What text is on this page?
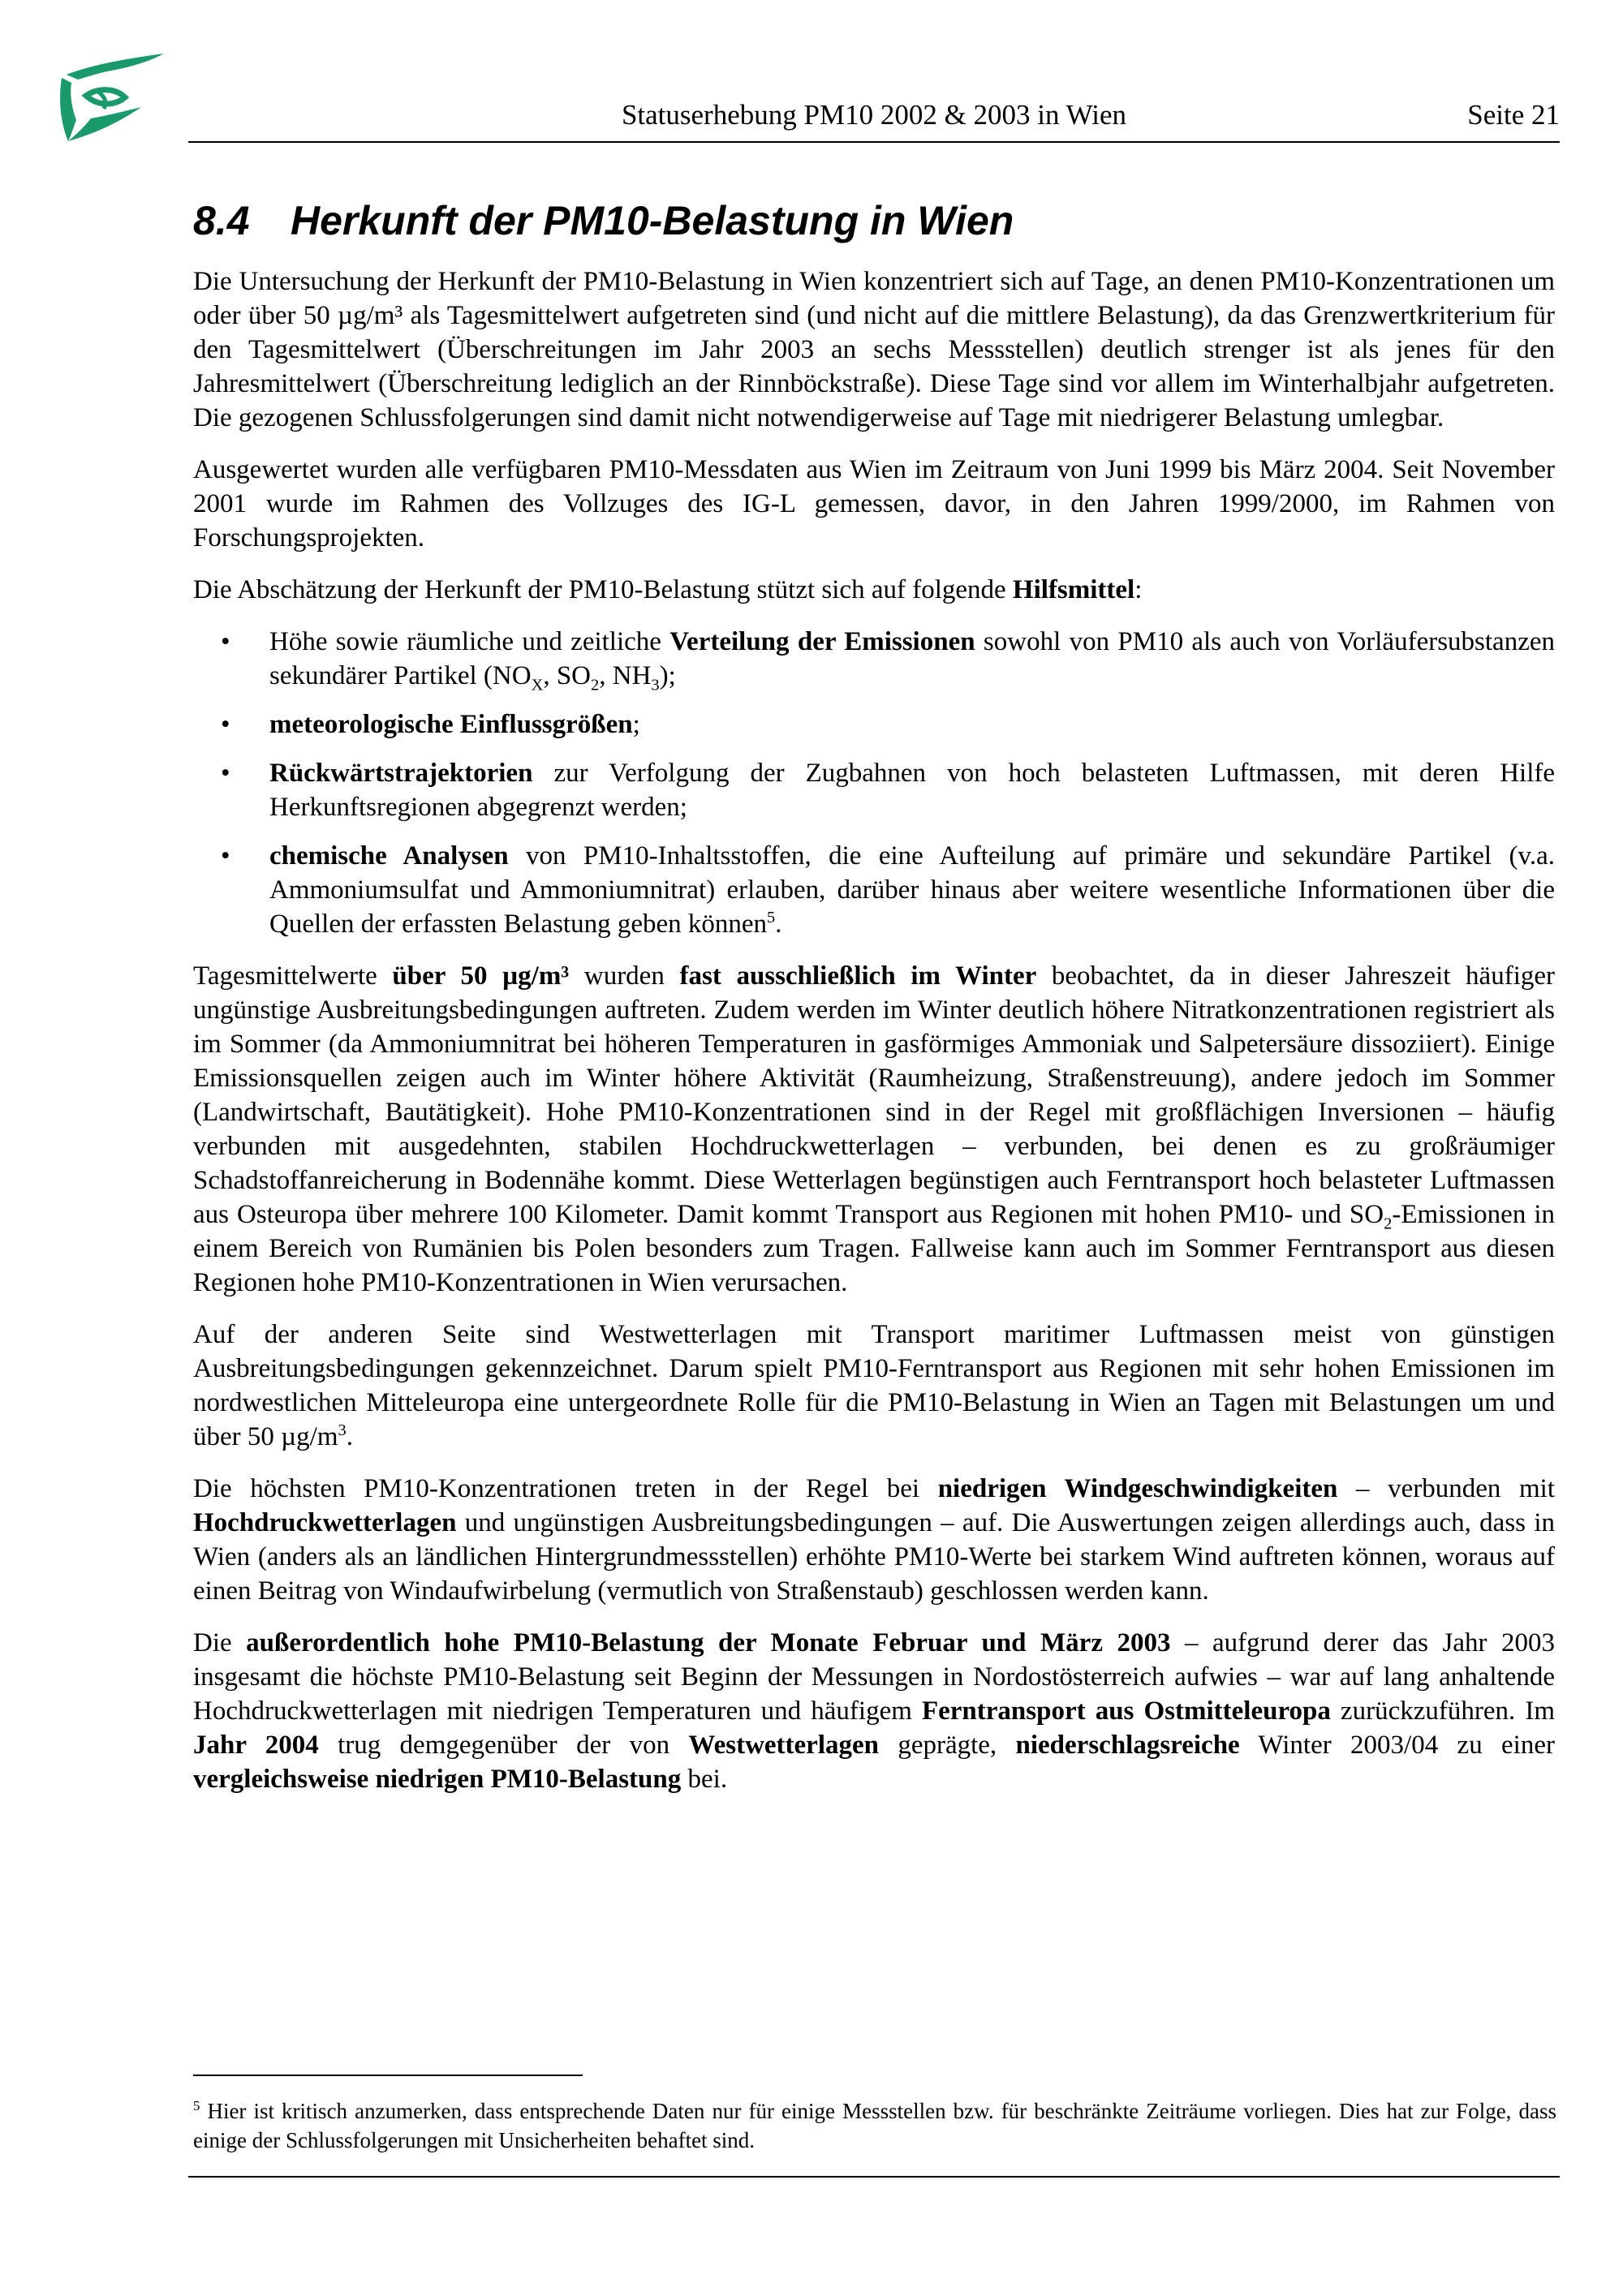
Statuserhebung PM10 2002 & 2003 in Wien	Seite 21
8.4 Herkunft der PM10-Belastung in Wien

Die Untersuchung der Herkunft der PM10-Belastung in Wien konzentriert sich auf Tage, an denen PM10-Konzentrationen um oder über 50 µg/m³ als Tagesmittelwert aufgetreten sind (und nicht auf die mittlere Belastung), da das Grenzwertkriterium für den Tagesmittelwert (Überschreitungen im Jahr 2003 an sechs Messstellen) deutlich strenger ist als jenes für den Jahresmittelwert (Überschreitung lediglich an der Rinnböckstraße). Diese Tage sind vor allem im Winterhalbjahr aufgetreten. Die gezogenen Schlussfolgerungen sind damit nicht notwendigerweise auf Tage mit niedrigerer Belastung umlegbar.

Ausgewertet wurden alle verfügbaren PM10-Messdaten aus Wien im Zeitraum von Juni 1999 bis März 2004. Seit November 2001 wurde im Rahmen des Vollzuges des IG-L gemessen, davor, in den Jahren 1999/2000, im Rahmen von Forschungsprojekten.

Die Abschätzung der Herkunft der PM10-Belastung stützt sich auf folgende Hilfsmittel:

• Höhe sowie räumliche und zeitliche Verteilung der Emissionen sowohl von PM10 als auch von Vorläufersubstanzen sekundärer Partikel ($NO_X$, $SO_2$, $NH_3$);
• meteorologische Einflussgrößen;
• Rückwärtstrajektorien zur Verfolgung der Zugbahnen von hoch belasteten Luftmassen, mit deren Hilfe Herkunftsregionen abgegrenzt werden;
• chemische Analysen von PM10-Inhaltsstoffen, die eine Aufteilung auf primäre und sekundäre Partikel (v.a. Ammoniumsulfat und Ammoniumnitrat) erlauben, darüber hinaus aber weitere wesentliche Informationen über die Quellen der erfassten Belastung geben können$^5$.

Tagesmittelwerte über 50 µg/m³ wurden fast ausschließlich im Winter beobachtet, da in dieser Jahreszeit häufiger ungünstige Ausbreitungsbedingungen auftreten. Zudem werden im Winter deutlich höhere Nitratkonzentrationen registriert als im Sommer (da Ammoniumnitrat bei höheren Temperaturen in gasförmiges Ammoniak und Salpetersäure dissoziiert). Einige Emissionsquellen zeigen auch im Winter höhere Aktivität (Raumheizung, Straßenstreuung), andere jedoch im Sommer (Landwirtschaft, Bautätigkeit). Hohe PM10-Konzentrationen sind in der Regel mit großflächigen Inversionen – häufig verbunden mit ausgedehnten, stabilen Hochdruckwetterlagen – verbunden, bei denen es zu großräumiger Schadstoffanreicherung in Bodennähe kommt. Diese Wetterlagen begünstigen auch Ferntransport hoch belasteter Luftmassen aus Osteuropa über mehrere 100 Kilometer. Damit kommt Transport aus Regionen mit hohen PM10- und $SO_2$-Emissionen in einem Bereich von Rumänien bis Polen besonders zum Tragen. Fallweise kann auch im Sommer Ferntransport aus diesen Regionen hohe PM10-Konzentrationen in Wien verursachen.

Auf der anderen Seite sind Westwetterlagen mit Transport maritimer Luftmassen meist von günstigen Ausbreitungsbedingungen gekennzeichnet. Darum spielt PM10-Ferntransport aus Regionen mit sehr hohen Emissionen im nordwestlichen Mitteleuropa eine untergeordnete Rolle für die PM10-Belastung in Wien an Tagen mit Belastungen um und über 50 $\mu g/m^3$.

Die höchsten PM10-Konzentrationen treten in der Regel bei niedrigen Windgeschwindigkeiten – verbunden mit Hochdruckwetterlagen und ungünstigen Ausbreitungsbedingungen – auf. Die Auswertungen zeigen allerdings auch, dass in Wien (anders als an ländlichen Hintergrundmessstellen) erhöhte PM10-Werte bei starkem Wind auftreten können, woraus auf einen Beitrag von Windaufwirbelung (vermutlich von Straßenstaub) geschlossen werden kann.

Die außerordentlich hohe PM10-Belastung der Monate Februar und März 2003 – aufgrund derer das Jahr 2003 insgesamt die höchste PM10-Belastung seit Beginn der Messungen in Nordostösterreich aufwies – war auf lang anhaltende Hochdruckwetterlagen mit niedrigen Temperaturen und häufigem Ferntransport aus Ostmitteleuropa zurückzuführen. Im Jahr 2004 trug demgegenüber der von Westwetterlagen geprägte, niederschlagsreiche Winter 2003/04 zu einer vergleichsweise niedrigen PM10-Belastung bei.

$^5$ Hier ist kritisch anzumerken, dass entsprechende Daten nur für einige Messstellen bzw. für beschränkte Zeiträume vorliegen. Dies hat zur Folge, dass einige der Schlussfolgerungen mit Unsicherheiten behaftet sind.
